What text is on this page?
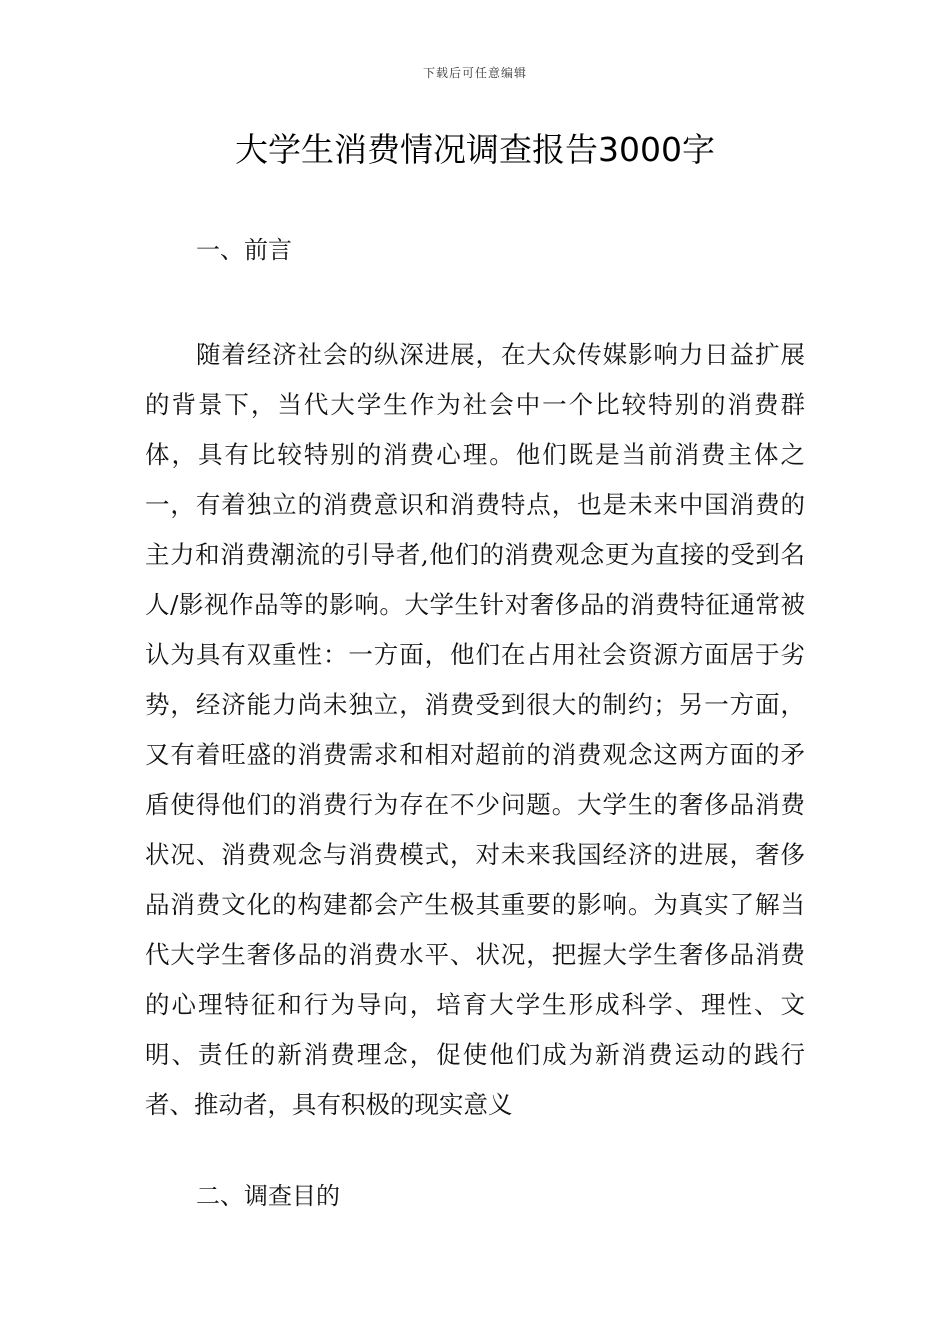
下载后可任意编辑
大学生消费情况调查报告3000字
一、前言

随着经济社会的纵深进展，在大众传媒影响力日益扩展的背景下，当代大学生作为社会中一个比较特别的消费群体，具有比较特别的消费心理。他们既是当前消费主体之一，有着独立的消费意识和消费特点，也是未来中国消费的主力和消费潮流的引导者,他们的消费观念更为直接的受到名人/影视作品等的影响。大学生针对奢侈品的消费特征通常被认为具有双重性：一方面，他们在占用社会资源方面居于劣势，经济能力尚未独立，消费受到很大的制约；另一方面，又有着旺盛的消费需求和相对超前的消费观念这两方面的矛盾使得他们的消费行为存在不少问题。大学生的奢侈品消费状况、消费观念与消费模式，对未来我国经济的进展，奢侈品消费文化的构建都会产生极其重要的影响。为真实了解当代大学生奢侈品的消费水平、状况，把握大学生奢侈品消费的心理特征和行为导向，培育大学生形成科学、理性、文明、责任的新消费理念，促使他们成为新消费运动的践行者、推动者，具有积极的现实意义

二、调查目的
